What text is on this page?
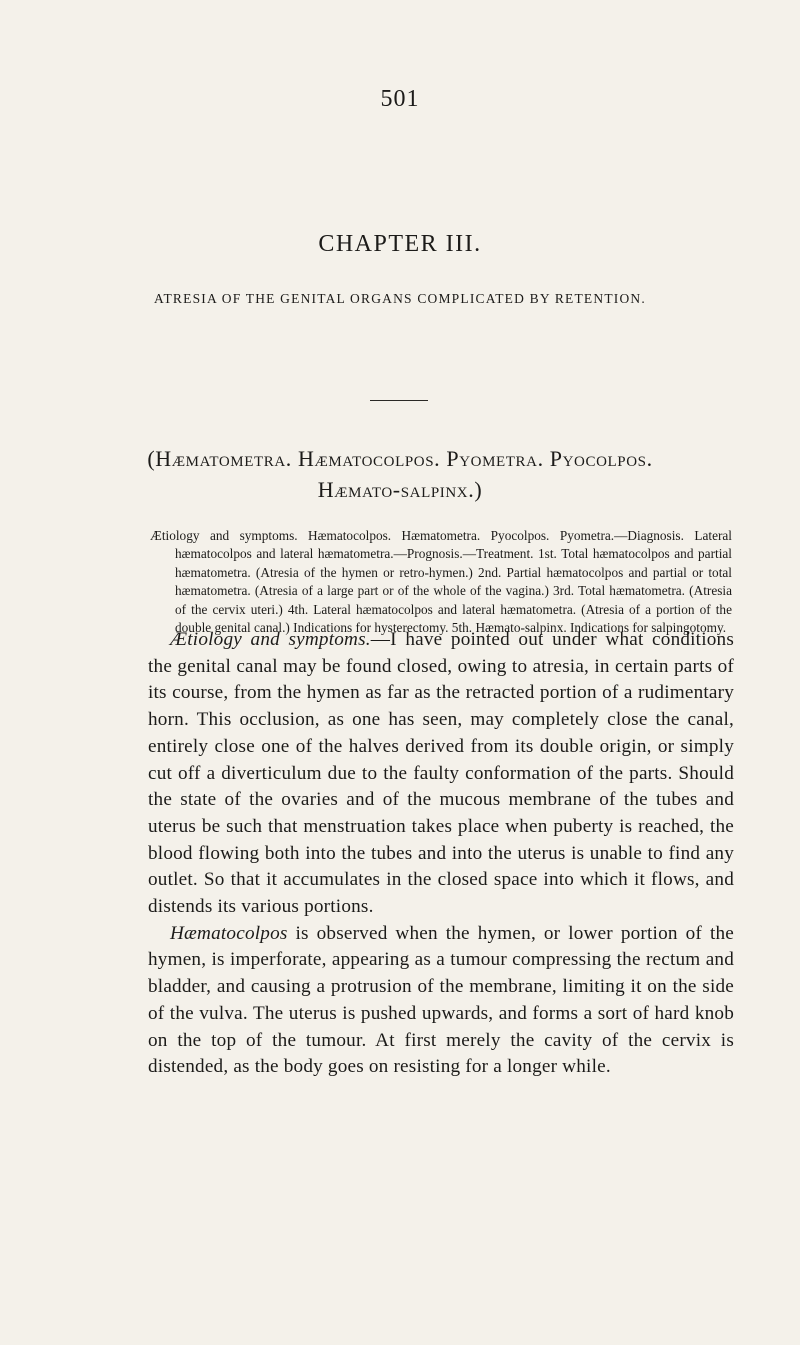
501
CHAPTER III.
ATRESIA OF THE GENITAL ORGANS COMPLICATED BY RETENTION.
(Hæmatometra. Hæmatocolpos. Pyometra. Pyocolpos.
Hæmato-salpinx.)
Ætiology and symptoms. Hæmatocolpos. Hæmatometra. Pyocolpos. Pyometra.—Diagnosis. Lateral hæmatocolpos and lateral hæmatometra.—Prognosis.—Treatment. 1st. Total hæmatocolpos and partial hæmatometra. (Atresia of the hymen or retro-hymen.) 2nd. Partial hæmatocolpos and partial or total hæmatometra. (Atresia of a large part or of the whole of the vagina.) 3rd. Total hæmatometra. (Atresia of the cervix uteri.) 4th. Lateral hæmatocolpos and lateral hæmatometra. (Atresia of a portion of the double genital canal.) Indications for hysterectomy. 5th. Hæmato-salpinx. Indications for salpingotomy.

Ætiology and symptoms.—I have pointed out under what conditions the genital canal may be found closed, owing to atresia, in certain parts of its course, from the hymen as far as the retracted portion of a rudimentary horn. This occlusion, as one has seen, may completely close the canal, entirely close one of the halves derived from its double origin, or simply cut off a diverticulum due to the faulty conformation of the parts. Should the state of the ovaries and of the mucous membrane of the tubes and uterus be such that menstruation takes place when puberty is reached, the blood flowing both into the tubes and into the uterus is unable to find any outlet. So that it accumulates in the closed space into which it flows, and distends its various portions.

Hæmatocolpos is observed when the hymen, or lower portion of the hymen, is imperforate, appearing as a tumour compressing the rectum and bladder, and causing a protrusion of the membrane, limiting it on the side of the vulva. The uterus is pushed upwards, and forms a sort of hard knob on the top of the tumour. At first merely the cavity of the cervix is distended, as the body goes on resisting for a longer while.
